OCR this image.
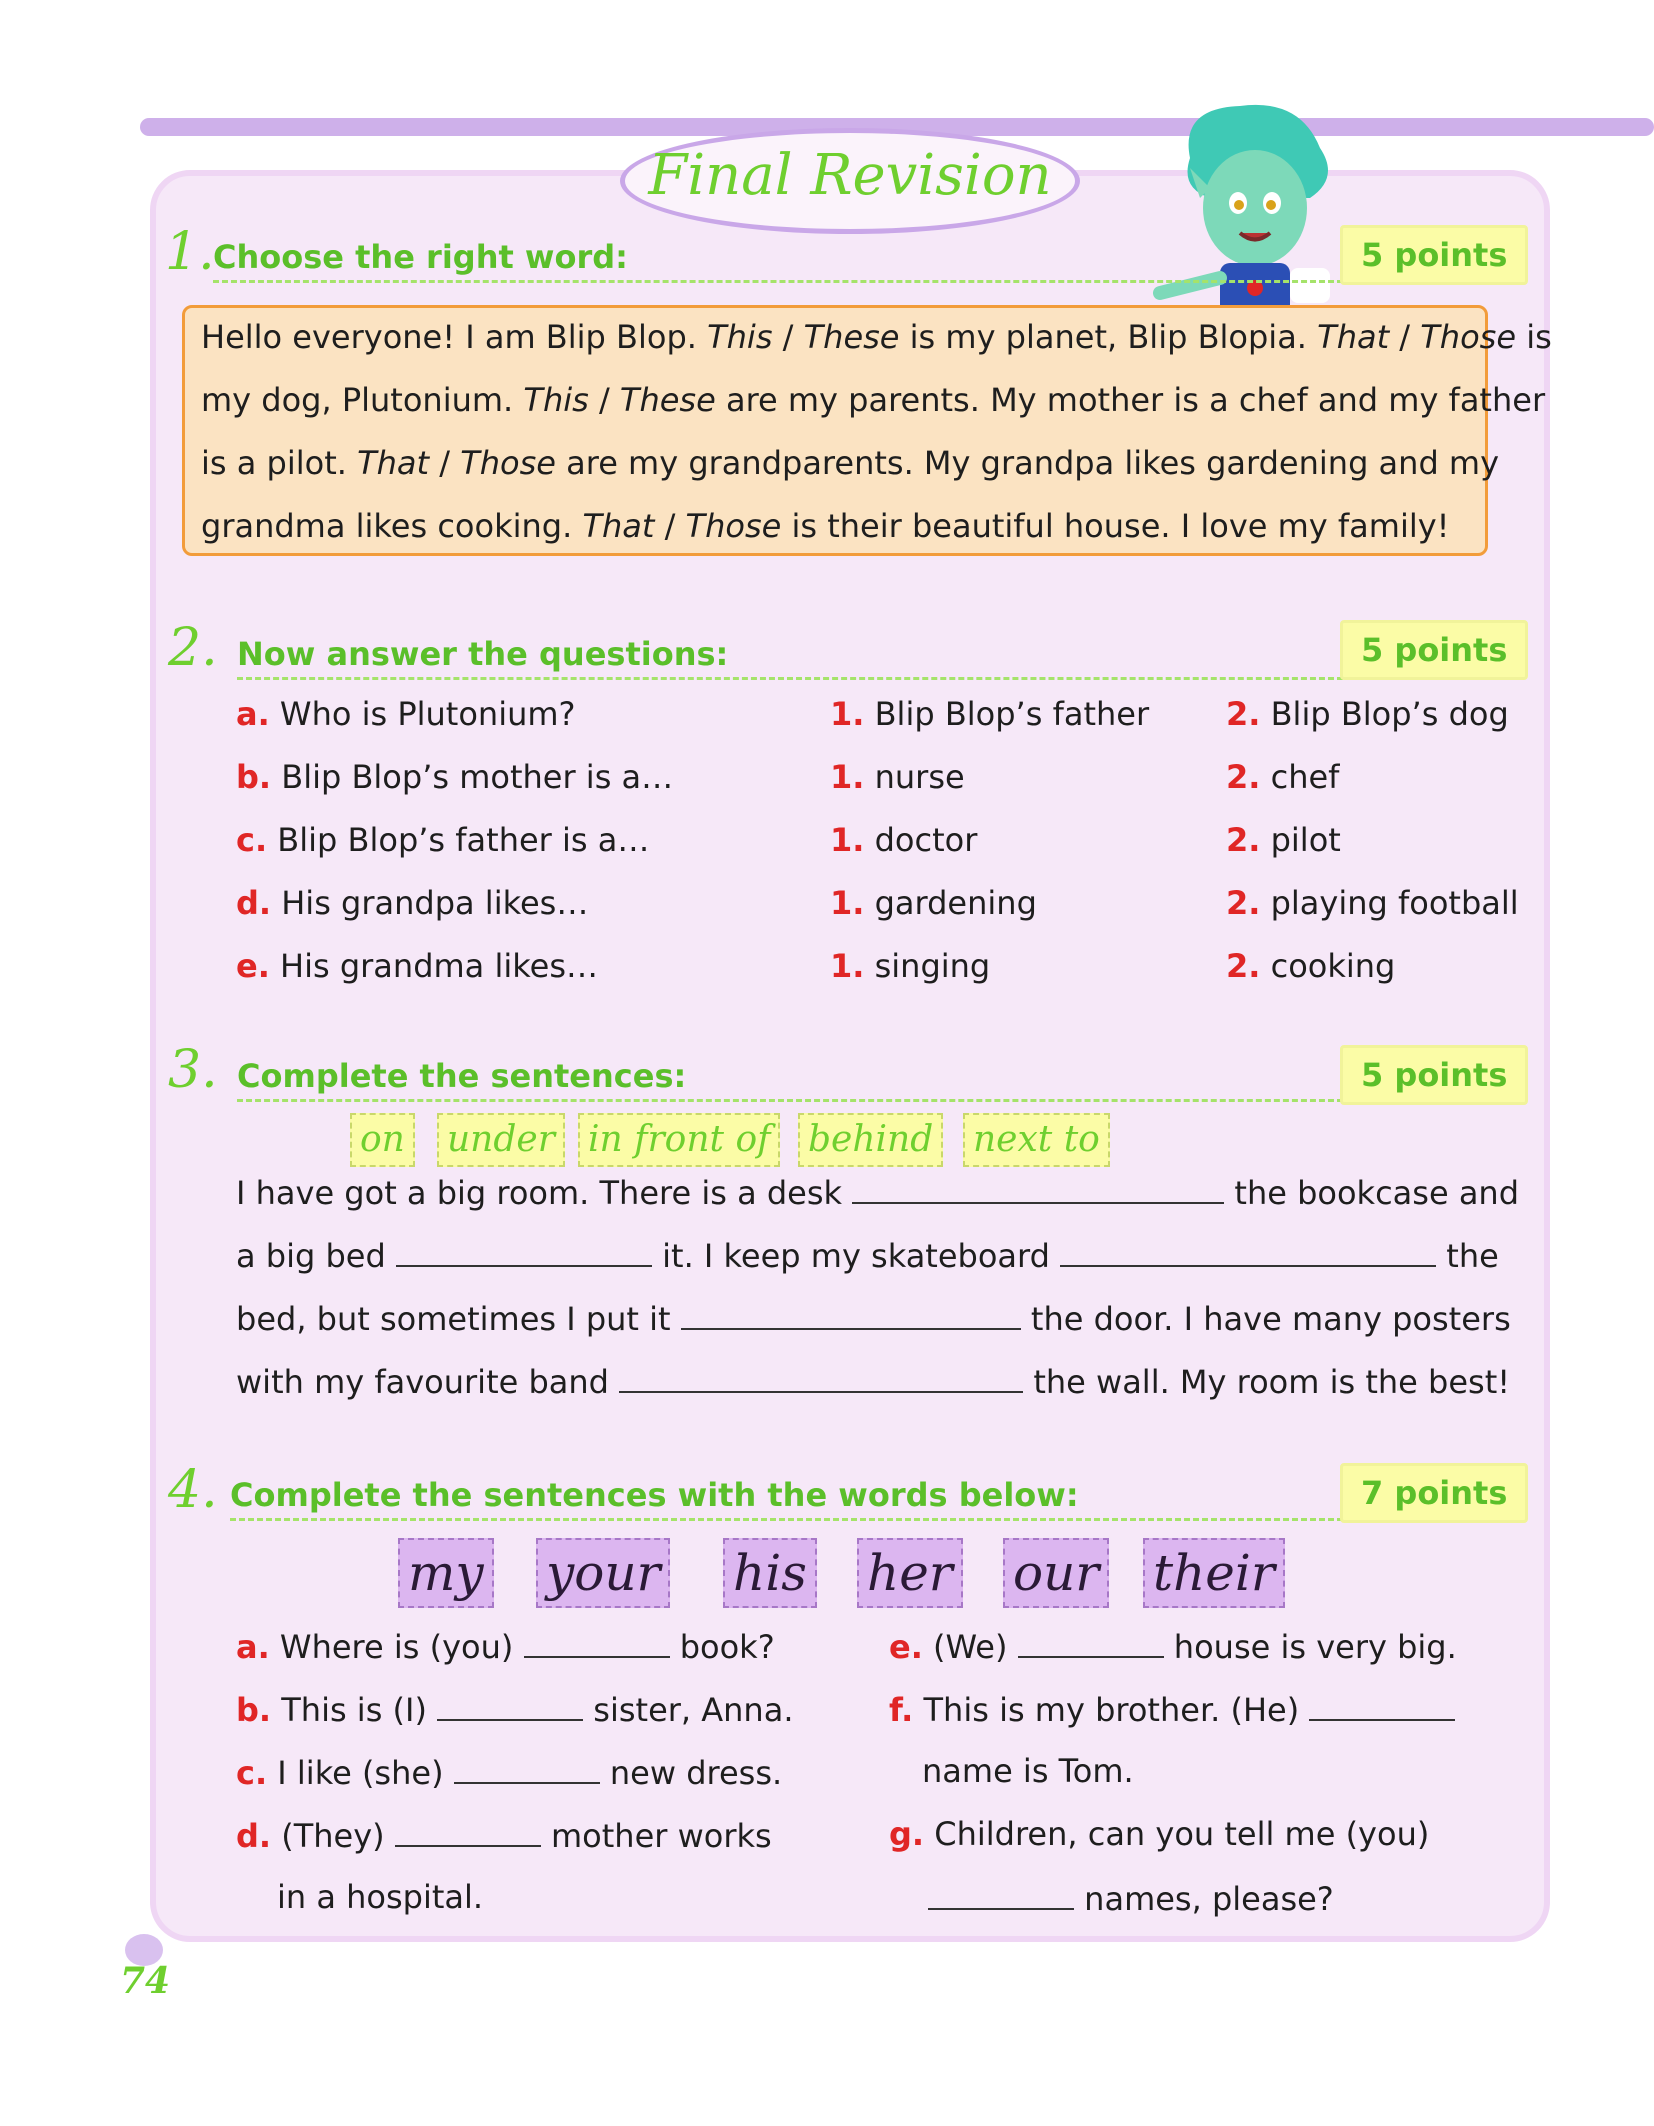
Final Revision
1.
Choose the right word:	5 points
Hello everyone! I am Blip Blop. This / These is my planet, Blip Blopia. That / Those is
my dog, Plutonium. This / These are my parents. My mother is a chef and my father
is a pilot. That / Those are my grandparents. My grandpa likes gardening and my
grandma likes cooking. That / Those is their beautiful house. I love my family!
2. Now answer the questions:	5 points
a. Who is Plutonium?	1. Blip Blop’s father 2. Blip Blop’s dog
b. Blip Blop’s mother is a…	1. nurse	2. chef
c. Blip Blop’s father is a…	1. doctor	2. pilot
d. His grandpa likes…	1. gardening	2. playing football
e. His grandma likes…	1. singing	2. cooking
3. Complete the sentences:	5 points
on under in front of behind next to
I have got a big room. There is a desk	the bookcase and
a big bed	it. I keep my skateboard	the
bed, but sometimes I put it	the door. I have many posters
with my favourite band	the wall. My room is the best!
4. Complete the sentences with the words below:	7 points
my your his her our their
a. Where is (you)	book?
b. This is (I)	sister, Anna.
c. I like (she)	new dress.
d. (They)	mother works
in a hospital.
e. (We)	house is very big.
f. This is my brother. (He)
name is Tom.
g. Children, can you tell me (you)
names, please?
74
